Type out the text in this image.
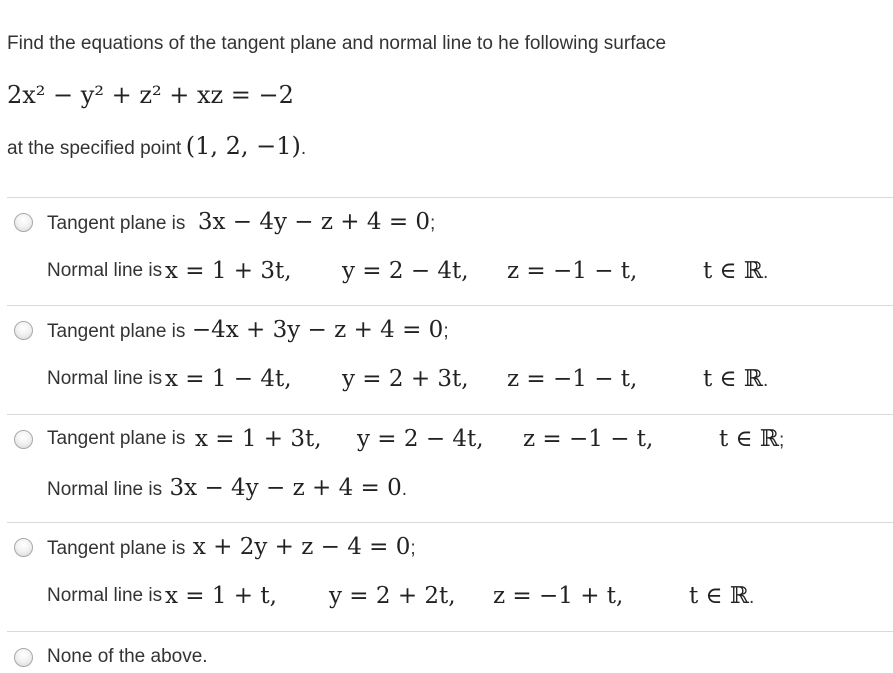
Find the equations of the tangent plane and normal line to he following surface
2x² − y² + z² + xz = −2
at the specified point (1, 2, −1).
Tangent plane is 3x − 4y − z + 4 = 0;
Normal line is x = 1 + 3t, y = 2 − 4t, z = −1 − t,	t ∈ ℝ.
Tangent plane is −4x + 3y − z + 4 = 0;
Normal line is x = 1 − 4t, y = 2 + 3t, z = −1 − t,	t ∈ ℝ.
Tangent plane is x = 1 + 3t, y = 2 − 4t, z = −1 − t,	t ∈ ℝ;
Normal line is 3x − 4y − z + 4 = 0.
Tangent plane is x + 2y + z − 4 = 0;
Normal line is x = 1 + t, y = 2 + 2t, z = −1 + t,	t ∈ ℝ.
None of the above.
